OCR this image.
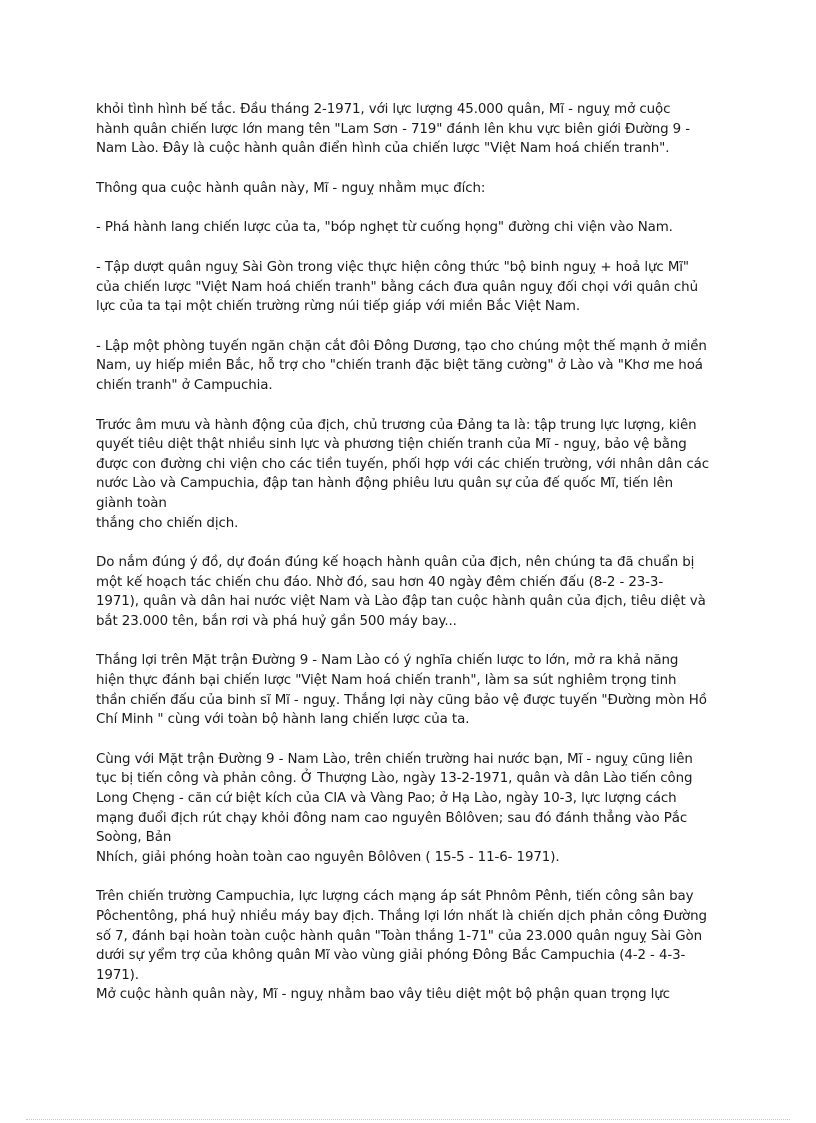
khỏi tình hình bế tắc. Đầu tháng 2-1971, với lực lượng 45.000 quân, Mĩ - nguỵ mở cuộc
hành quân chiến lược lớn mang tên "Lam Sơn - 719" đánh lên khu vực biên giới Đường 9 -
Nam Lào. Đây là cuộc hành quân điển hình của chiến lược "Việt Nam hoá chiến tranh".

Thông qua cuộc hành quân này, Mĩ - nguỵ nhằm mục đích:

- Phá hành lang chiến lược của ta, "bóp nghẹt từ cuống họng" đường chi viện vào Nam.

- Tập dượt quân nguỵ Sài Gòn trong việc thực hiện công thức "bộ binh nguỵ + hoả lực Mĩ"
của chiến lược "Việt Nam hoá chiến tranh" bằng cách đưa quân nguỵ đối chọi với quân chủ
lực của ta tại một chiến trường rừng núi tiếp giáp với miền Bắc Việt Nam.

- Lập một phòng tuyến ngăn chặn cắt đôi Đông Dương, tạo cho chúng một thế mạnh ở miền
Nam, uy hiếp miền Bắc, hỗ trợ cho "chiến tranh đặc biệt tăng cường" ở Lào và "Khơ me hoá
chiến tranh" ở Campuchia.

Trước âm mưu và hành động của địch, chủ trương của Đảng ta là: tập trung lực lượng, kiên
quyết tiêu diệt thật nhiều sinh lực và phương tiện chiến tranh của Mĩ - nguỵ, bảo vệ bằng
được con đường chi viện cho các tiền tuyến, phối hợp với các chiến trường, với nhân dân các
nước Lào và Campuchia, đập tan hành động phiêu lưu quân sự của đế quốc Mĩ, tiến lên
giành toàn
thắng cho chiến dịch.

Do nắm đúng ý đồ, dự đoán đúng kế hoạch hành quân của địch, nên chúng ta đã chuẩn bị
một kế hoạch tác chiến chu đáo. Nhờ đó, sau hơn 40 ngày đêm chiến đấu (8-2 - 23-3-
1971), quân và dân hai nước việt Nam và Lào đập tan cuộc hành quân của địch, tiêu diệt và
bắt 23.000 tên, bắn rơi và phá huỷ gần 500 máy bay...

Thắng lợi trên Mặt trận Đường 9 - Nam Lào có ý nghĩa chiến lược to lớn, mở ra khả năng
hiện thực đánh bại chiến lược "Việt Nam hoá chiến tranh", làm sa sút nghiêm trọng tinh
thần chiến đấu của binh sĩ Mĩ - nguỵ. Thắng lợi này cũng bảo vệ được tuyến "Đường mòn Hồ
Chí Minh " cùng với toàn bộ hành lang chiến lược của ta.

Cùng với Mặt trận Đường 9 - Nam Lào, trên chiến trường hai nước bạn, Mĩ - nguỵ cũng liên
tục bị tiến công và phản công. Ở Thượng Lào, ngày 13-2-1971, quân và dân Lào tiến công
Long Chẹng - căn cứ biệt kích của CIA và Vàng Pao; ở Hạ Lào, ngày 10-3, lực lượng cách
mạng đuổi địch rút chạy khỏi đông nam cao nguyên Bôlôven; sau đó đánh thẳng vào Pắc
Soòng, Bản
Nhích, giải phóng hoàn toàn cao nguyên Bôlôven ( 15-5 - 11-6- 1971).

Trên chiến trường Campuchia, lực lượng cách mạng áp sát Phnôm Pênh, tiến công sân bay
Pôchentông, phá huỷ nhiều máy bay địch. Thắng lợi lớn nhất là chiến dịch phản công Đường
số 7, đánh bại hoàn toàn cuộc hành quân "Toàn thắng 1-71" của 23.000 quân nguỵ Sài Gòn
dưới sự yểm trợ của không quân Mĩ vào vùng giải phóng Đông Bắc Campuchia (4-2 - 4-3-
1971).
Mở cuộc hành quân này, Mĩ - nguỵ nhằm bao vây tiêu diệt một bộ phận quan trọng lực
